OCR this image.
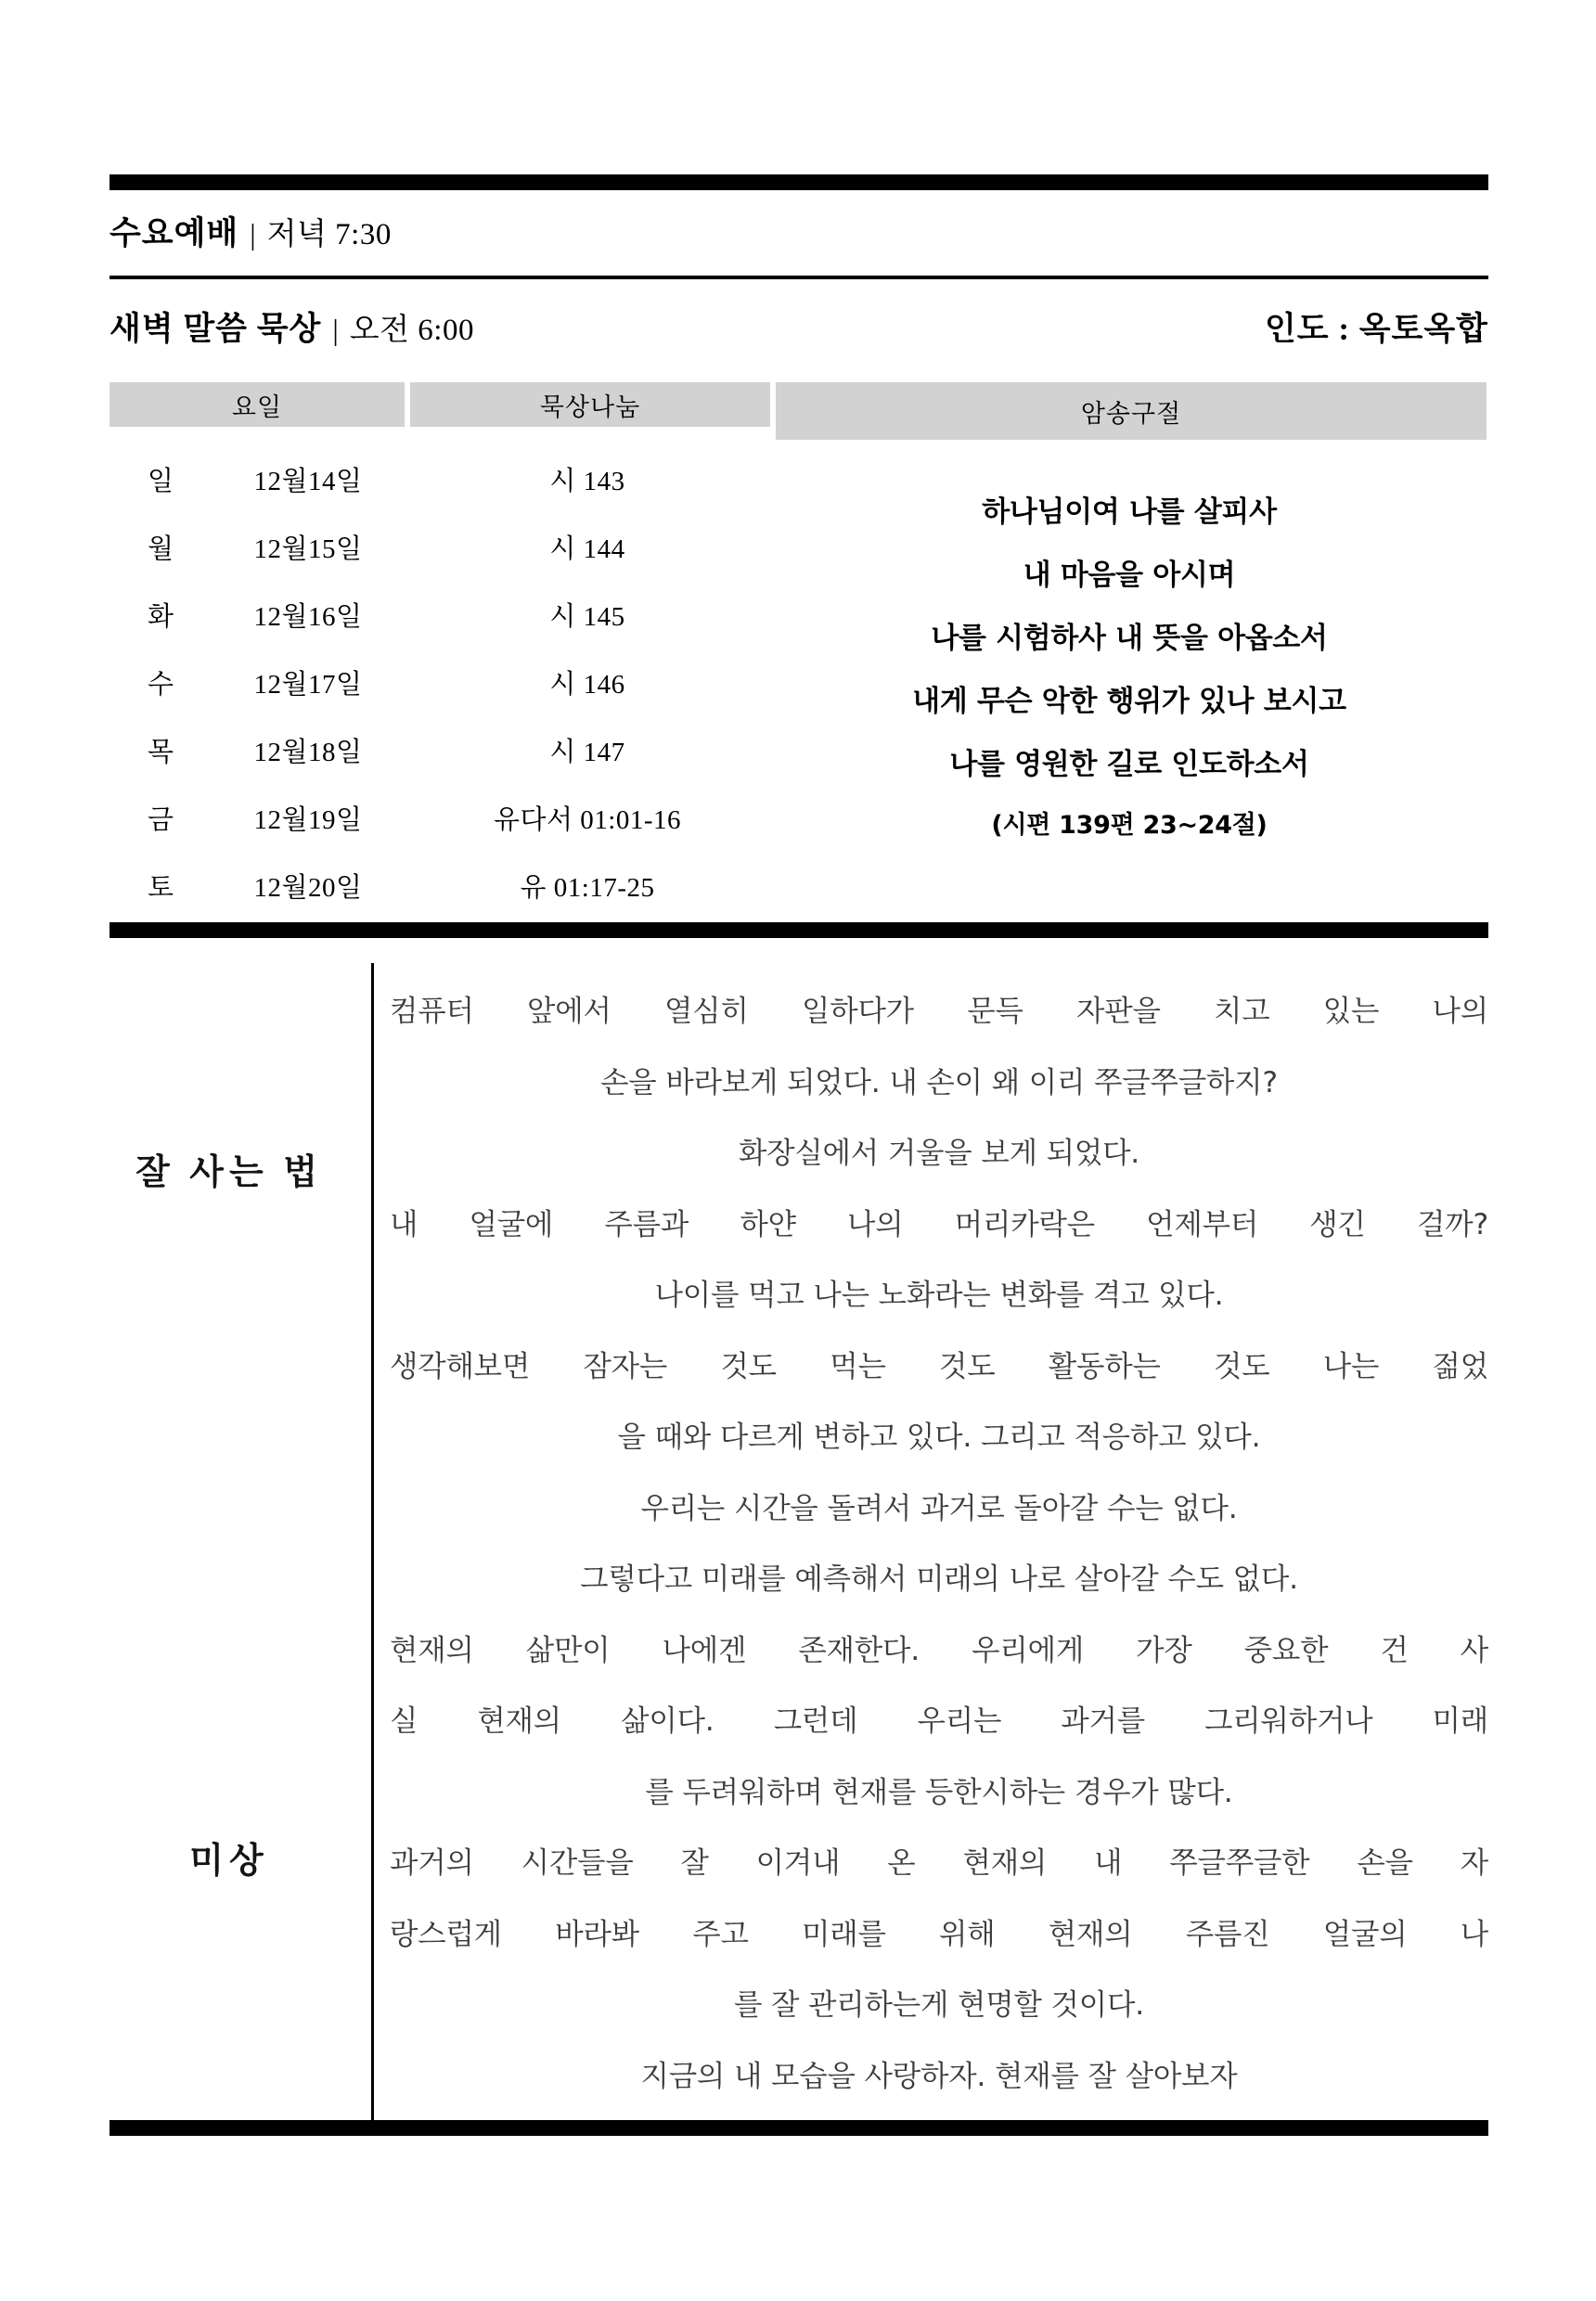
수요예배 | 저녁 7:30
새벽 말씀 묵상 | 오전 6:00	인도 : 옥토옥합
요일	묵상나눔	암송구절
일	12월14일	시 143
월	12월15일	시 144
화	12월16일	시 145
수	12월17일	시 146
목	12월18일	시 147
금	12월19일	유다서 01:01-16
토	12월20일	유 01:17-25
하나님이여 나를 살피사
내 마음을 아시며
나를 시험하사 내 뜻을 아옵소서
내게 무슨 악한 행위가 있나 보시고
나를 영원한 길로 인도하소서
(시편 139편 23~24절)
잘 사는 법
미상
컴퓨터 앞에서 열심히 일하다가 문득 자판을 치고 있는 나의
손을 바라보게 되었다. 내 손이 왜 이리 쭈글쭈글하지?
화장실에서 거울을 보게 되었다.
내 얼굴에 주름과 하얀 나의 머리카락은 언제부터 생긴 걸까?
나이를 먹고 나는 노화라는 변화를 격고 있다.
생각해보면 잠자는 것도 먹는 것도 활동하는 것도 나는 젊었
을 때와 다르게 변하고 있다. 그리고 적응하고 있다.
우리는 시간을 돌려서 과거로 돌아갈 수는 없다.
그렇다고 미래를 예측해서 미래의 나로 살아갈 수도 없다.
현재의 삶만이 나에겐 존재한다. 우리에게 가장 중요한 건 사
실 현재의 삶이다. 그런데 우리는 과거를 그리워하거나 미래
를 두려워하며 현재를 등한시하는 경우가 많다.
과거의 시간들을 잘 이겨내 온 현재의 내 쭈글쭈글한 손을 자
랑스럽게 바라봐 주고 미래를 위해 현재의 주름진 얼굴의 나
를 잘 관리하는게 현명할 것이다.
지금의 내 모습을 사랑하자. 현재를 잘 살아보자
